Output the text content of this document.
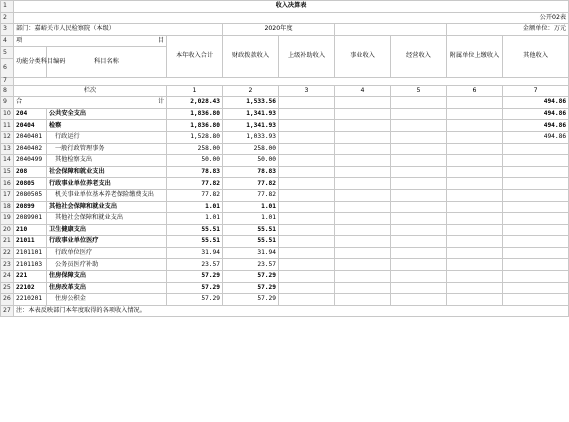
1	收入决算表								
2	公开02表								
3	部门：嘉峪关市人民检察院（本级）			2020年度				金额单位：万元	
4	项 目		本年收入合计	财政拨款收入	上级补助收入	事业收入	经营收入	附属单位上缴收入	其他收入
5	功能分类科目编码	科目名称							
6									
7									
8	栏次		1	2	3	4	5	6	7
9	合 计		2,028.43	1,533.56					494.86
10	204	公共安全支出	1,836.80	1,341.93					494.86
11	20404	检察	1,836.80	1,341.93					494.86
12	2040401	行政运行	1,528.80	1,033.93					494.86
13	2040402	一般行政管理事务	258.00	258.00					
14	2040499	其他检察支出	50.00	50.00					
15	208	社会保障和就业支出	78.83	78.83					
16	20805	行政事业单位养老支出	77.82	77.82					
17	2080505	机关事业单位基本养老保险缴费支出	77.82	77.82					
18	20899	其他社会保障和就业支出	1.01	1.01					
19	2089901	其他社会保障和就业支出	1.01	1.01					
20	210	卫生健康支出	55.51	55.51					
21	21011	行政事业单位医疗	55.51	55.51					
22	2101101	行政单位医疗	31.94	31.94					
23	2101103	公务员医疗补助	23.57	23.57					
24	221	住房保障支出	57.29	57.29					
25	22102	住房改革支出	57.29	57.29					
26	2210201	住房公积金	57.29	57.29					
27	注：本表反映部门本年度取得的各项收入情况。								
